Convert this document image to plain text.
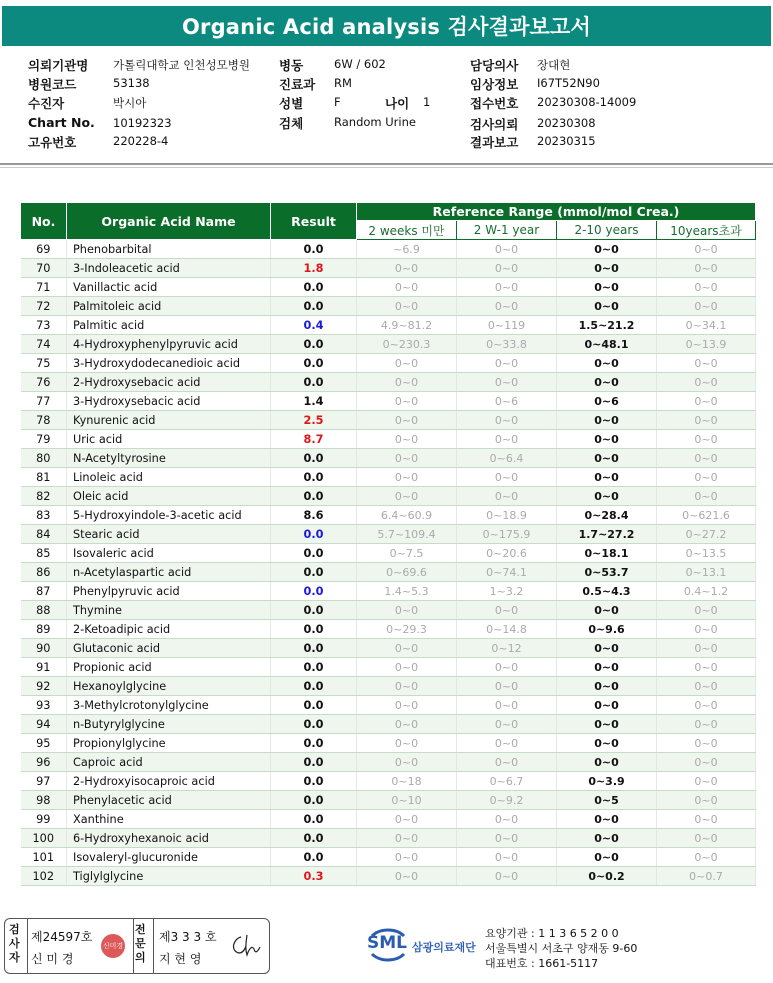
Organic Acid analysis 검사결과보고서
의뢰기관명 가톨릭대학교 인천성모병원
병원코드	53138
수진자	박시아
Chart No. 10192323
고유번호	220228-4
병동	6W / 602
진료과 RM
성별	F	나이 1
검체	Random Urine
담당의사 장대현
임상정보 I67T52N90
접수번호 20230308-14009
검사의뢰 20230308
결과보고 20230315
No.	Organic Acid Name	Result	Reference Range (mmol/mol Crea.)			
			2 weeks 미만	2 W-1 year	2-10 years	10years초과
69	Phenobarbital	0.0	~6.9	0~0	0~0	0~0
70	3-Indoleacetic acid	1.8	0~0	0~0	0~0	0~0
71	Vanillactic acid	0.0	0~0	0~0	0~0	0~0
72	Palmitoleic acid	0.0	0~0	0~0	0~0	0~0
73	Palmitic acid	0.4	4.9~81.2	0~119	1.5~21.2	0~34.1
74	4-Hydroxyphenylpyruvic acid	0.0	0~230.3	0~33.8	0~48.1	0~13.9
75	3-Hydroxydodecanedioic acid	0.0	0~0	0~0	0~0	0~0
76	2-Hydroxysebacic acid	0.0	0~0	0~0	0~0	0~0
77	3-Hydroxysebacic acid	1.4	0~0	0~6	0~6	0~0
78	Kynurenic acid	2.5	0~0	0~0	0~0	0~0
79	Uric acid	8.7	0~0	0~0	0~0	0~0
80	N-Acetyltyrosine	0.0	0~0	0~6.4	0~0	0~0
81	Linoleic acid	0.0	0~0	0~0	0~0	0~0
82	Oleic acid	0.0	0~0	0~0	0~0	0~0
83	5-Hydroxyindole-3-acetic acid	8.6	6.4~60.9	0~18.9	0~28.4	0~621.6
84	Stearic acid	0.0	5.7~109.4	0~175.9	1.7~27.2	0~27.2
85	Isovaleric acid	0.0	0~7.5	0~20.6	0~18.1	0~13.5
86	n-Acetylaspartic acid	0.0	0~69.6	0~74.1	0~53.7	0~13.1
87	Phenylpyruvic acid	0.0	1.4~5.3	1~3.2	0.5~4.3	0.4~1.2
88	Thymine	0.0	0~0	0~0	0~0	0~0
89	2-Ketoadipic acid	0.0	0~29.3	0~14.8	0~9.6	0~0
90	Glutaconic acid	0.0	0~0	0~12	0~0	0~0
91	Propionic acid	0.0	0~0	0~0	0~0	0~0
92	Hexanoylglycine	0.0	0~0	0~0	0~0	0~0
93	3-Methylcrotonylglycine	0.0	0~0	0~0	0~0	0~0
94	n-Butyrylglycine	0.0	0~0	0~0	0~0	0~0
95	Propionylglycine	0.0	0~0	0~0	0~0	0~0
96	Caproic acid	0.0	0~0	0~0	0~0	0~0
97	2-Hydroxyisocaproic acid	0.0	0~18	0~6.7	0~3.9	0~0
98	Phenylacetic acid	0.0	0~10	0~9.2	0~5	0~0
99	Xanthine	0.0	0~0	0~0	0~0	0~0
100	6-Hydroxyhexanoic acid	0.0	0~0	0~0	0~0	0~0
101	Isovaleryl-glucuronide	0.0	0~0	0~0	0~0	0~0
102	Tiglylglycine	0.3	0~0	0~0	0~0.2	0~0.7
검
사
자
제24597호
신 미 경
신미경
전
문
의
제3 3 3 호
지 현 영
SML 삼광의료재단
요양기관 : 1 1 3 6 5 2 0 0
서울특별시 서초구 양재동 9-60
대표번호 : 1661-5117
